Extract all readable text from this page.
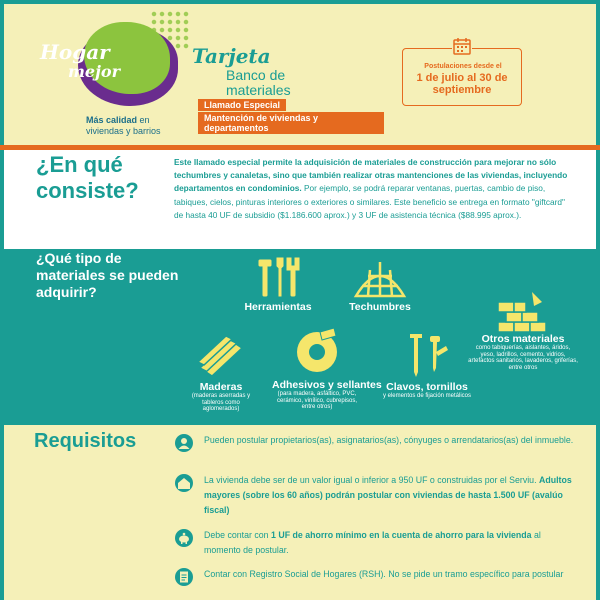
Hogar
mejor
Más calidad en viviendas y barrios
Tarjeta
Banco de materiales
Llamado Especial
Mantención de viviendas y departamentos
Postulaciones desde el
1 de julio al 30 de septiembre
¿En qué consiste?
Este llamado especial permite la adquisición de materiales de construcción para mejorar no sólo techumbres y canaletas, sino que también realizar otras mantenciones de las viviendas, incluyendo departamentos en condominios. Por ejemplo, se podrá reparar ventanas, puertas, cambio de piso, tabiques, cielos, pinturas interiores o exteriores o similares. Este beneficio se entrega en formato "giftcard" de hasta 40 UF de subsidio ($1.186.600 aprox.) y 3 UF de asistencia técnica ($88.995 aprox.).
¿Qué tipo de materiales se pueden adquirir?
Herramientas	Techumbres
Otros materiales
como tabiquerías, aislantes, áridos, yeso, ladrillos, cemento, vidrios, artefactos sanitarios, lavaderos, griferías, entre otros
Maderas
(maderas aserradas y tableros como aglomerados)
Adhesivos y sellantes
(para madera, asfáltico, PVC, cerámico, vinílico, cubrepisos, entre otros)
Clavos, tornillos
y elementos de fijación metálicos
Requisitos	Pueden postular propietarios(as), asignatarios(as), cónyuges o arrendatarios(as) del inmueble.
La vivienda debe ser de un valor igual o inferior a 950 UF o construidas por el Serviu. Adultos mayores (sobre los 60 años) podrán postular con viviendas de hasta 1.500 UF (avalúo fiscal)
Debe contar con 1 UF de ahorro mínimo en la cuenta de ahorro para la vivienda al momento de postular.
Contar con Registro Social de Hogares (RSH). No se pide un tramo específico para postular
